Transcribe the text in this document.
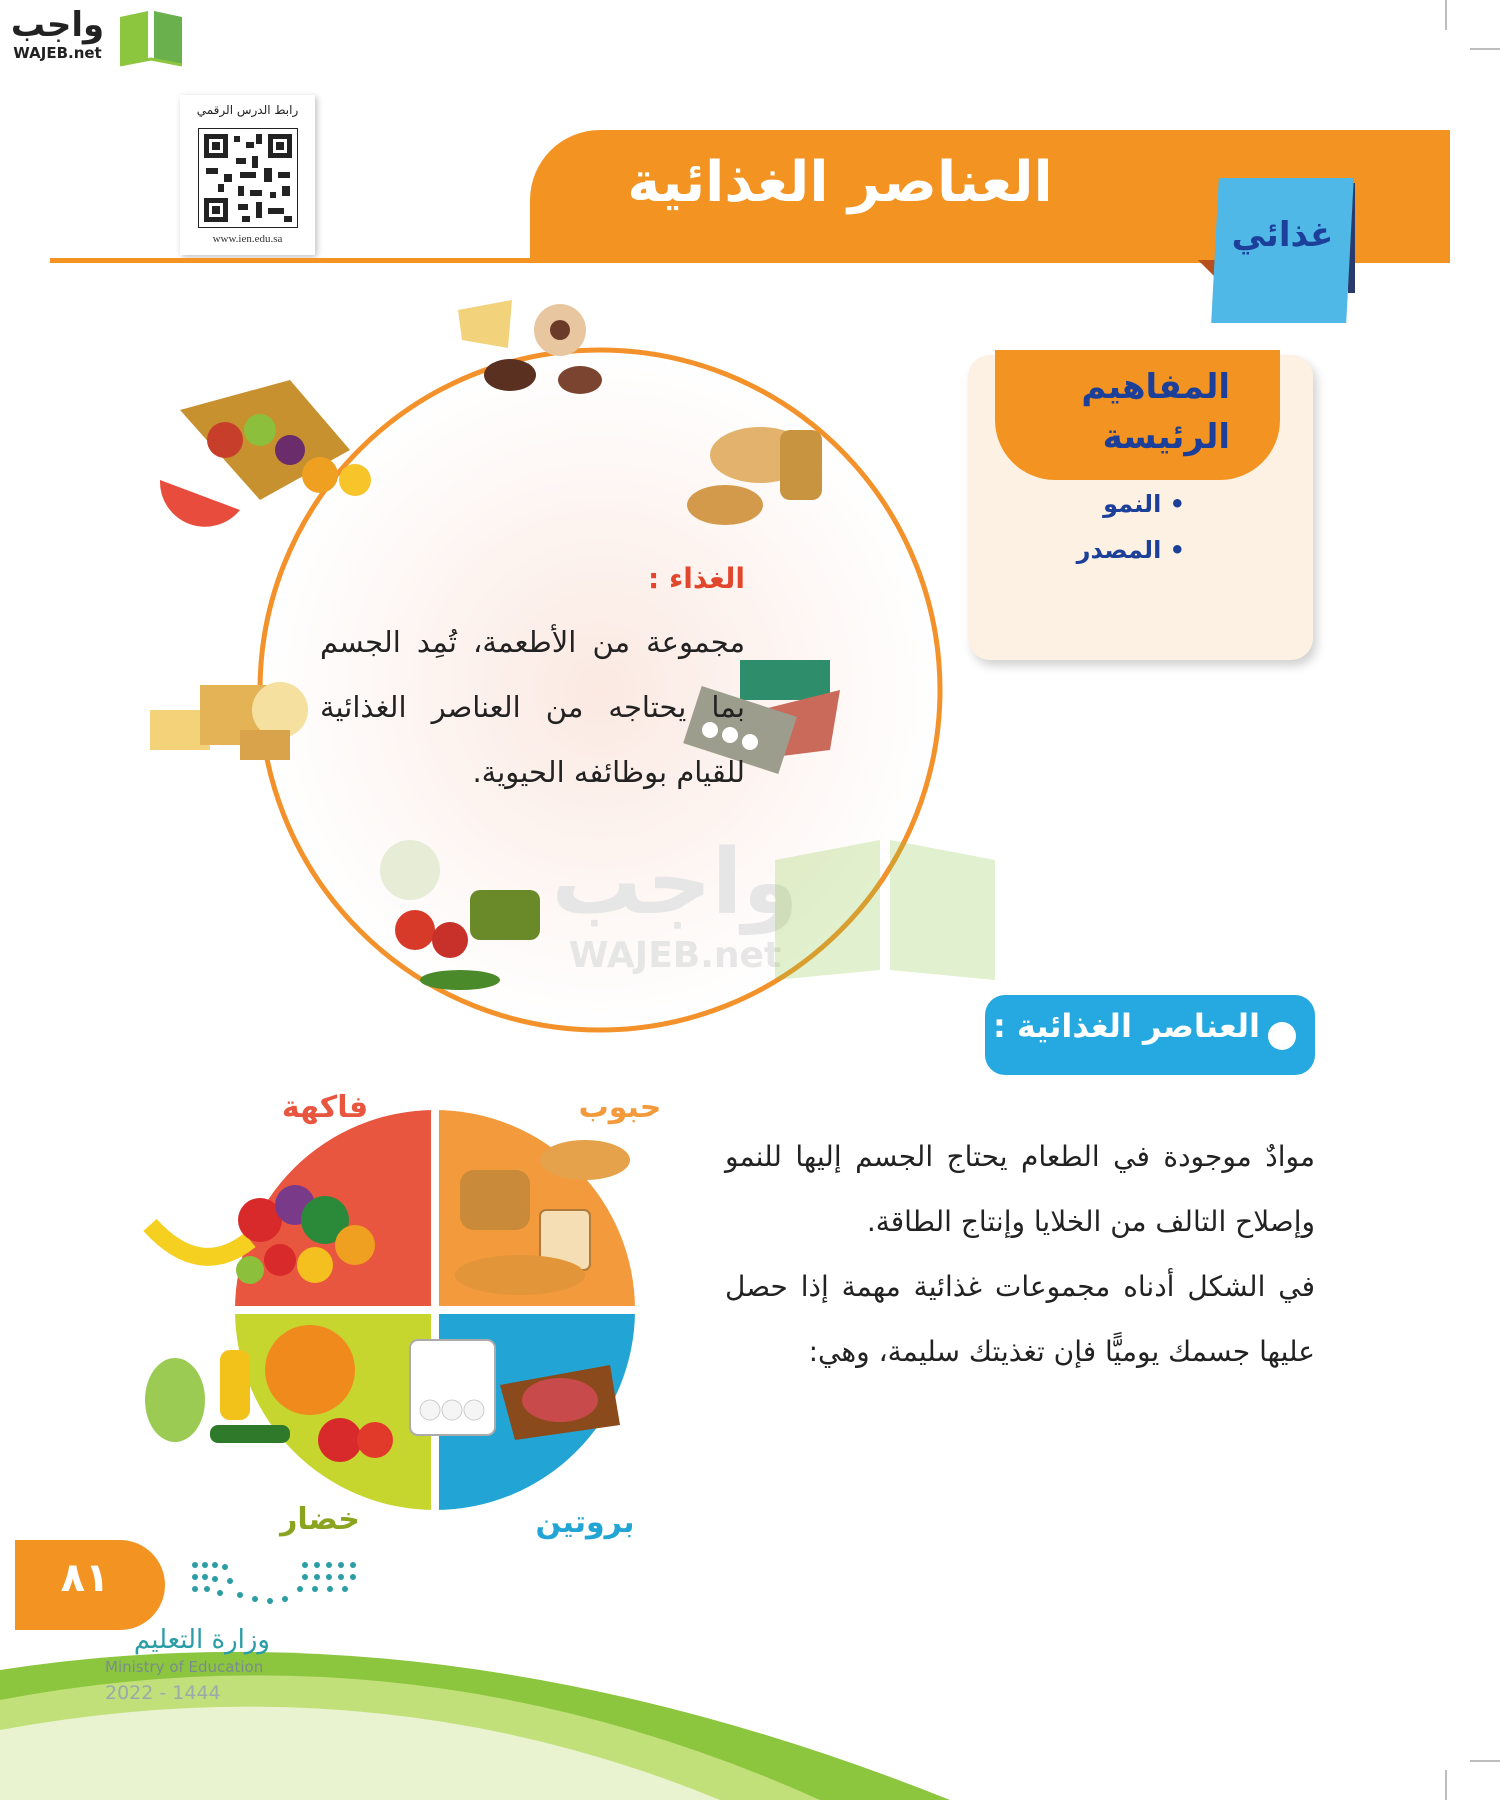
واجب
WAJEB.net
رابط الدرس الرقمي
www.ien.edu.sa
العناصر الغذائية
غذائي
المفاهيم الرئيسة
• النمو
• المصدر
واجب
WAJEB.net
الغذاء :
مجموعة من الأطعمة، تُمِد الجسم
بما يحتاجه من العناصر الغذائية
للقيام بوظائفه الحيوية.
العناصر الغذائية :
موادٌ موجودة في الطعام يحتاج الجسم إليها للنمو
وإصلاح التالف من الخلايا وإنتاج الطاقة.
في الشكل أدناه مجموعات غذائية مهمة إذا حصل
عليها جسمك يوميًّا فإن تغذيتك سليمة، وهي:
فاكهة	حبوب
خضار	بروتين
٨١
وزارة التعليم
Ministry of Education
2022 - 1444
